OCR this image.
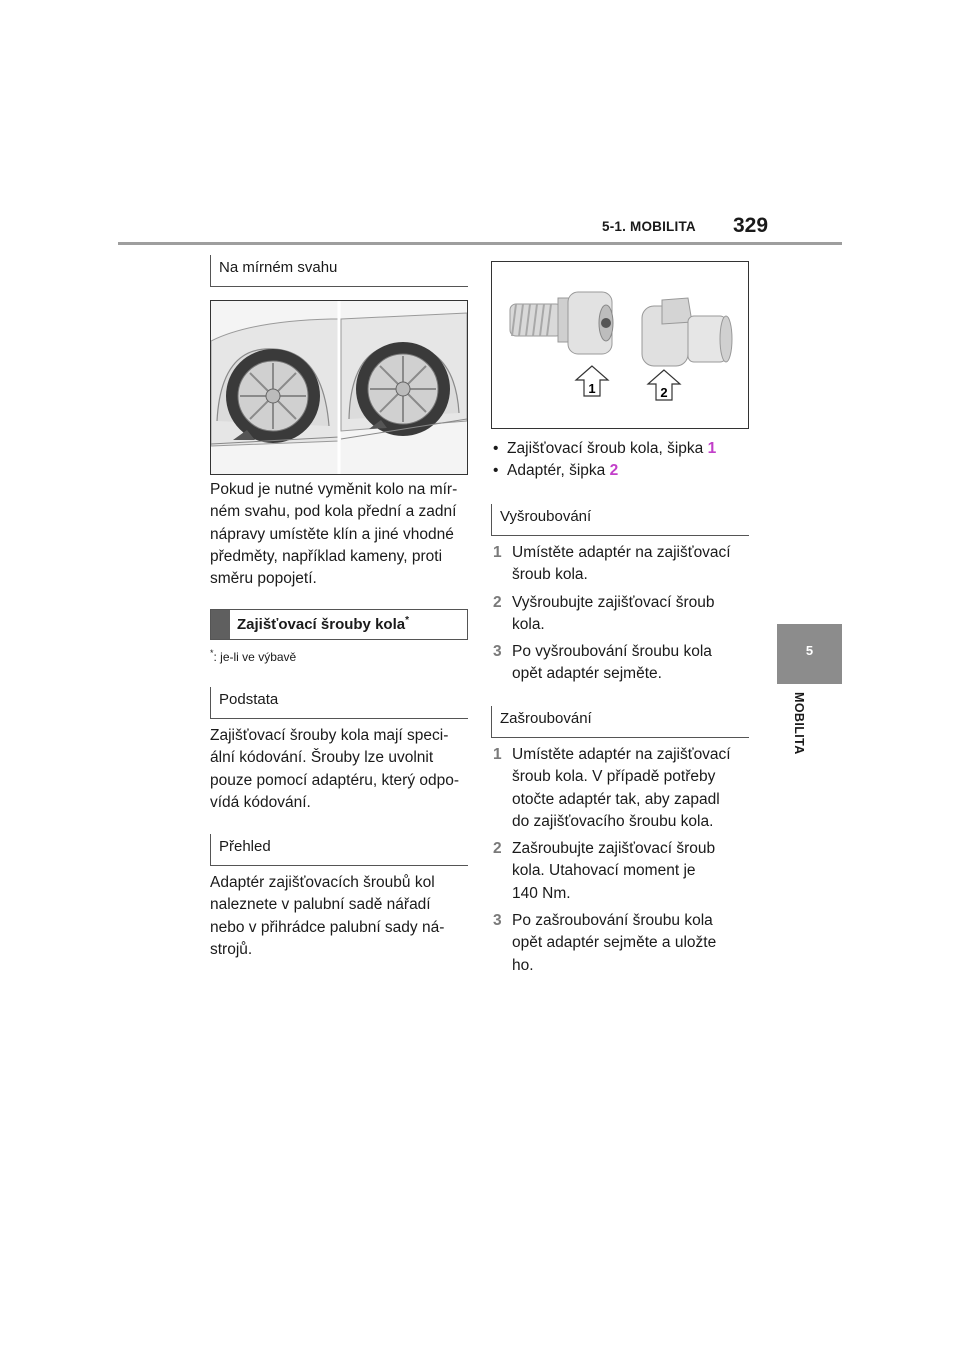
5-1. MOBILITA 329
5
MOBILITA
Na mírném svahu
Pokud je nutné vyměnit kolo na mír-
ném svahu, pod kola přední a zadní
nápravy umístěte klín a jiné vhodné
předměty, například kameny, proti
směru popojetí.
Zajišťovací šrouby kola*
*: je-li ve výbavě
Podstata
Zajišťovací šrouby kola mají speci-
ální kódování. Šrouby lze uvolnit
pouze pomocí adaptéru, který odpo-
vídá kódování.
Přehled
Adaptér zajišťovacích šroubů kol
naleznete v palubní sadě nářadí
nebo v přihrádce palubní sady ná-
strojů.
1	2
•  Zajišťovací šroub kola, šipka 1
•  Adaptér, šipka 2
Vyšroubování
1 Umístěte adaptér na zajišťovací
šroub kola.
2 Vyšroubujte zajišťovací šroub
kola.
3 Po vyšroubování šroubu kola
opět adaptér sejměte.
Zašroubování
1 Umístěte adaptér na zajišťovací
šroub kola. V případě potřeby
otočte adaptér tak, aby zapadl
do zajišťovacího šroubu kola.
2 Zašroubujte zajišťovací šroub
kola. Utahovací moment je
140 Nm.
3 Po zašroubování šroubu kola
opět adaptér sejměte a uložte
ho.
